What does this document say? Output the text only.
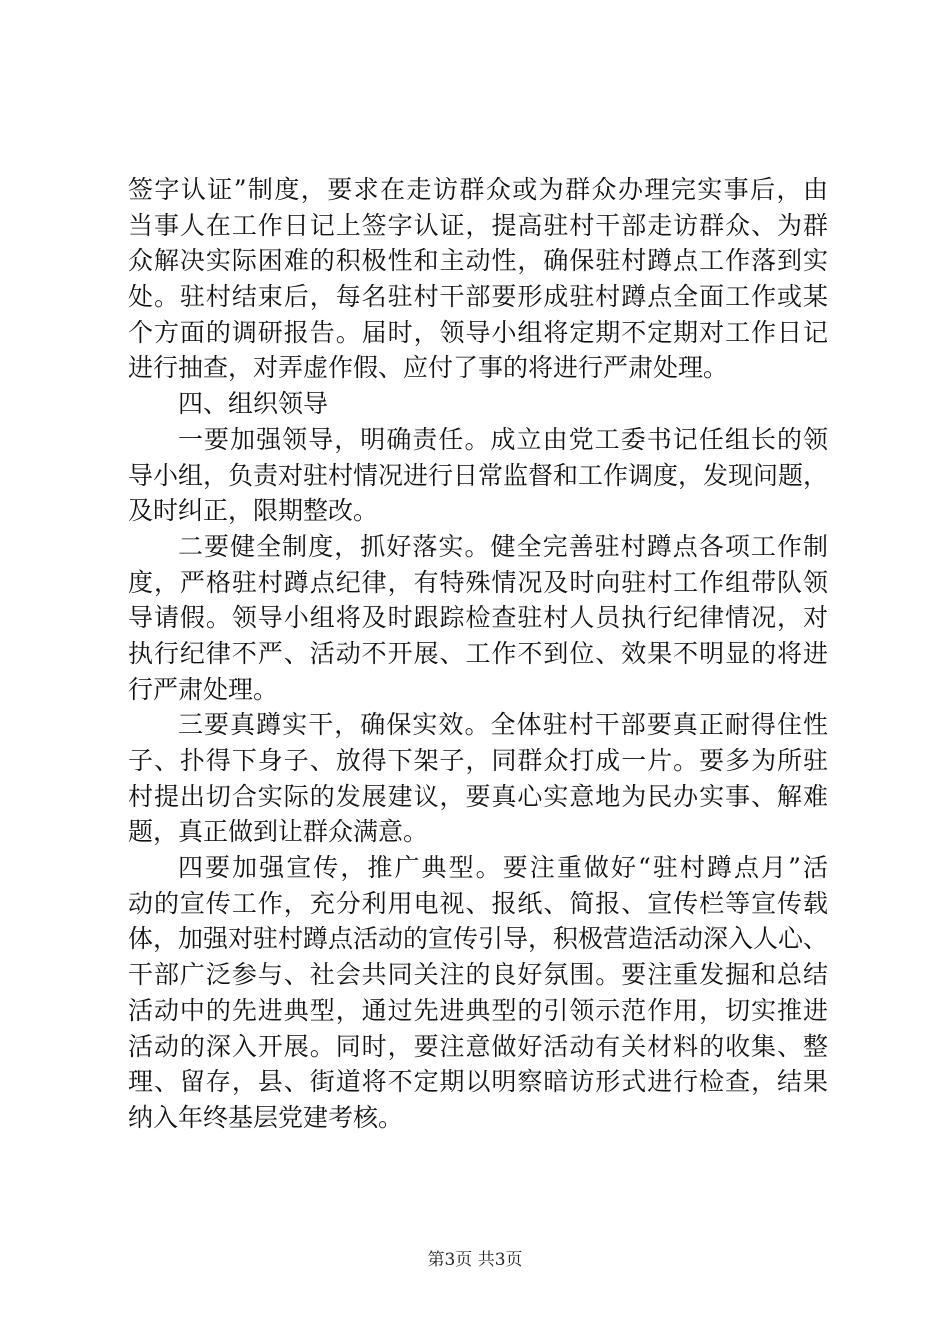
签字认证”制度，要求在走访群众或为群众办理完实事后，由
当事人在工作日记上签字认证，提高驻村干部走访群众、为群
众解决实际困难的积极性和主动性，确保驻村蹲点工作落到实
处。驻村结束后，每名驻村干部要形成驻村蹲点全面工作或某
个方面的调研报告。届时，领导小组将定期不定期对工作日记
进行抽查，对弄虚作假、应付了事的将进行严肃处理。
四、组织领导
一要加强领导，明确责任。成立由党工委书记任组长的领
导小组，负责对驻村情况进行日常监督和工作调度，发现问题，
及时纠正，限期整改。
二要健全制度，抓好落实。健全完善驻村蹲点各项工作制
度，严格驻村蹲点纪律，有特殊情况及时向驻村工作组带队领
导请假。领导小组将及时跟踪检查驻村人员执行纪律情况，对
执行纪律不严、活动不开展、工作不到位、效果不明显的将进
行严肃处理。
三要真蹲实干，确保实效。全体驻村干部要真正耐得住性
子、扑得下身子、放得下架子，同群众打成一片。要多为所驻
村提出切合实际的发展建议，要真心实意地为民办实事、解难
题，真正做到让群众满意。
四要加强宣传，推广典型。要注重做好“驻村蹲点月”活
动的宣传工作，充分利用电视、报纸、简报、宣传栏等宣传载
体，加强对驻村蹲点活动的宣传引导，积极营造活动深入人心、
干部广泛参与、社会共同关注的良好氛围。要注重发掘和总结
活动中的先进典型，通过先进典型的引领示范作用，切实推进
活动的深入开展。同时，要注意做好活动有关材料的收集、整
理、留存，县、街道将不定期以明察暗访形式进行检查，结果
纳入年终基层党建考核。
第3页 共3页
